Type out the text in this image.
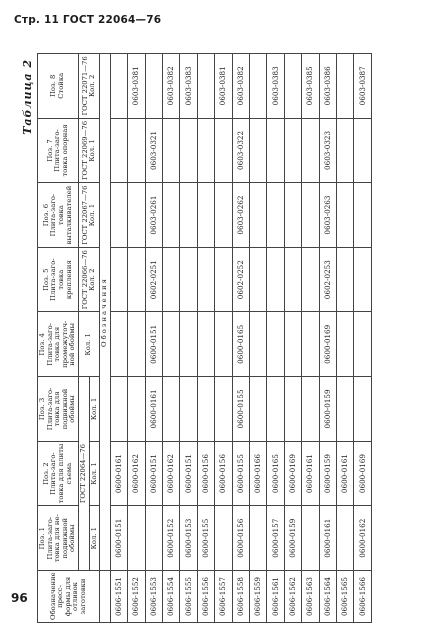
Стр. 11 ГОСТ 22064—76
Таблица 2
Обозначение пресс-формы для отливок заготовки	Поз. 1
Плита-заго-товка для не-подвижной обоймы	Поз. 2
Плита-заго-товка для плиты съема	Поз. 3
Плита-заго-товка для подвижной обоймы	Поз. 4
Плита-заго-товка для промежуточ-ной обоймы	Поз. 5
Плита-заго-товка крепления	Поз. 6
Плита-заго-товка выталкивателей	Поз. 7
Плита-заго-товка опорная	Поз. 8
Стойка
	ГОСТ 22064—76			Кол. 1	ГОСТ 22066—76
Кол. 2	ГОСТ 22067—76
Кол. 1	ГОСТ 22069—76
Кол. 1	ГОСТ 22071—76
Кол. 2
	Кол. 1	Кол. 1	Кол. 1					
	Обозначения							
0606-1551	0600-0151	0600-0161						
0606-1552		0600-0162						0603-0381
0606-1553		0600-0151	0600-0161	0600-0151	0602-0251	0603-0261	0603-0321	
0606-1554	0600-0152	0600-0162						0603-0382
0606-1555	0600-0153	0600-0151						0603-0383
0606-1556	0600-0155	0600-0156						
0606-1557		0600-0156						0603-0381
0606-1558	0600-0156	0600-0155	0600-0155	0600-0165	0602-0252	0603-0262	0603-0322	0603-0382
0606-1559		0600-0166						
0606-1561	0600-0157	0600-0165						0603-0383
0606-1562	0600-0159	0600-0169						
0606-1563		0600-0161						0603-0385
0606-1564	0600-0161	0600-0159	0600-0159	0600-0169	0602-0253	0603-0263	0603-0323	0603-0386
0606-1565		0600-0161						
0606-1566	0600-0162	0600-0169						0603-0387
96
